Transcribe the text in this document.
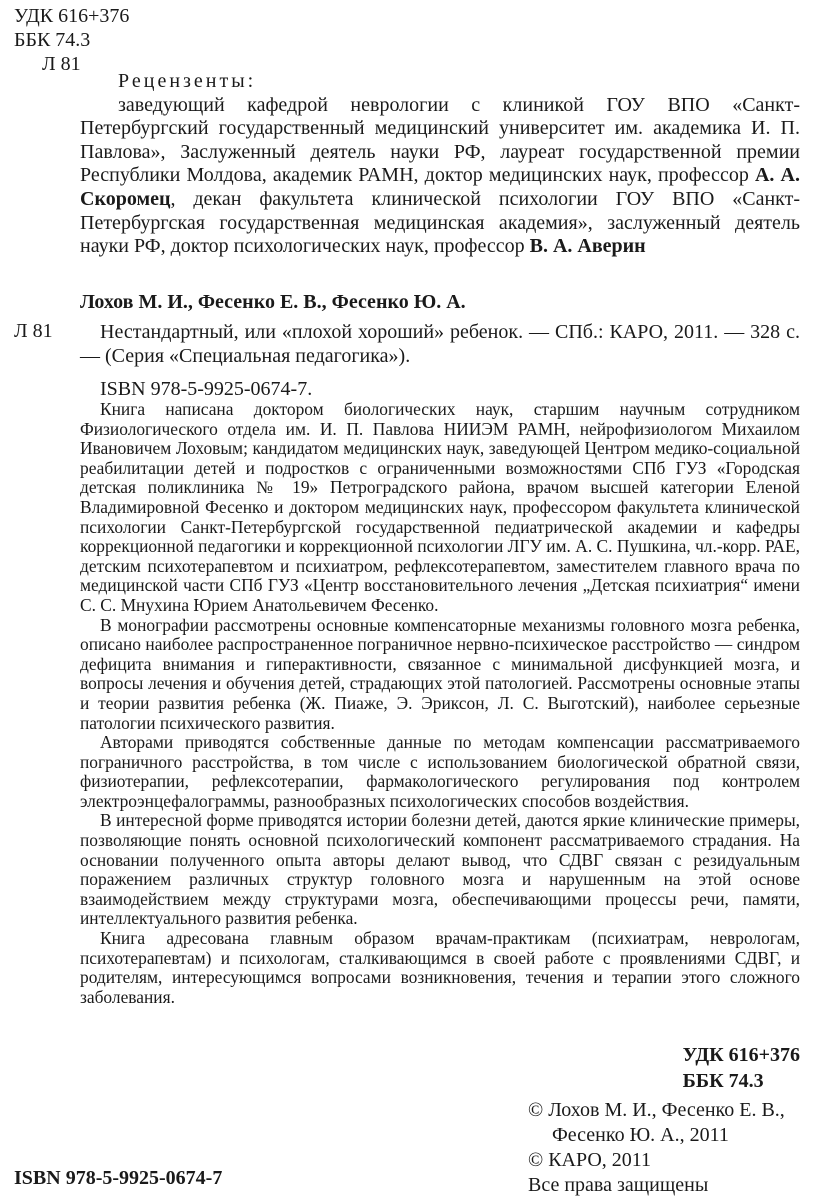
УДК 616+376
ББК 74.3
Л 81
Рецензенты:

заведующий кафедрой неврологии с клиникой ГОУ ВПО «Санкт-Петербургский государственный медицинский университет им. академика И. П. Павлова», Заслуженный деятель науки РФ, лауреат государственной премии Республики Молдова, академик РАМН, доктор медицинских наук, профессор А. А. Скоромец, декан факультета клинической психологии ГОУ ВПО «Санкт-Петербургская государственная медицинская академия», заслуженный деятель науки РФ, доктор психологических наук, профессор В. А. Аверин

Лохов М. И., Фесенко Е. В., Фесенко Ю. А.
Л 81	Нестандартный, или «плохой хороший» ребенок. — СПб.: КАРО, 2011. — 328 с. — (Серия «Специальная педагогика»).

ISBN 978-5-9925-0674-7.

Книга написана доктором биологических наук, старшим научным сотрудником Физиологического отдела им. И. П. Павлова НИИЭМ РАМН, нейрофизиологом Михаилом Ивановичем Лоховым; кандидатом медицинских наук, заведующей Центром медико-социальной реабилитации детей и подростков с ограниченными возможностями СПб ГУЗ «Городская детская поликлиника № 19» Петроградского района, врачом высшей категории Еленой Владимировной Фесенко и доктором медицинских наук, профессором факультета клинической психологии Санкт-Петербургской государственной педиатрической академии и кафедры коррекционной педагогики и коррекционной психологии ЛГУ им. А. С. Пушкина, чл.-корр. РАЕ, детским психотерапевтом и психиатром, рефлексотерапевтом, заместителем главного врача по медицинской части СПб ГУЗ «Центр восстановительного лечения „Детская психиатрия“ имени С. С. Мнухина Юрием Анатольевичем Фесенко.

В монографии рассмотрены основные компенсаторные механизмы головного мозга ребенка, описано наиболее распространенное пограничное нервно-психическое расстройство — синдром дефицита внимания и гиперактивности, связанное с минимальной дисфункцией мозга, и вопросы лечения и обучения детей, страдающих этой патологией. Рассмотрены основные этапы и теории развития ребенка (Ж. Пиаже, Э. Эриксон, Л. С. Выготский), наиболее серьезные патологии психического развития.

Авторами приводятся собственные данные по методам компенсации рассматриваемого пограничного расстройства, в том числе с использованием биологической обратной связи, физиотерапии, рефлексотерапии, фармакологического регулирования под контролем электроэнцефалограммы, разнообразных психологических способов воздействия.

В интересной форме приводятся истории болезни детей, даются яркие клинические примеры, позволяющие понять основной психологический компонент рассматриваемого страдания. На основании полученного опыта авторы делают вывод, что СДВГ связан с резидуальным поражением различных структур головного мозга и нарушенным на этой основе взаимодействием между структурами мозга, обеспечивающими процессы речи, памяти, интеллектуального развития ребенка.

Книга адресована главным образом врачам-практикам (психиатрам, неврологам, психотерапевтам) и психологам, сталкивающимся в своей работе с проявлениями СДВГ, и родителям, интересующимся вопросами возникновения, течения и терапии этого сложного заболевания.

УДК 616+376
ББК 74.3
© Лохов М. И., Фесенко Е. В.,
Фесенко Ю. А., 2011
© КАРО, 2011
Все права защищены
ISBN 978-5-9925-0674-7
